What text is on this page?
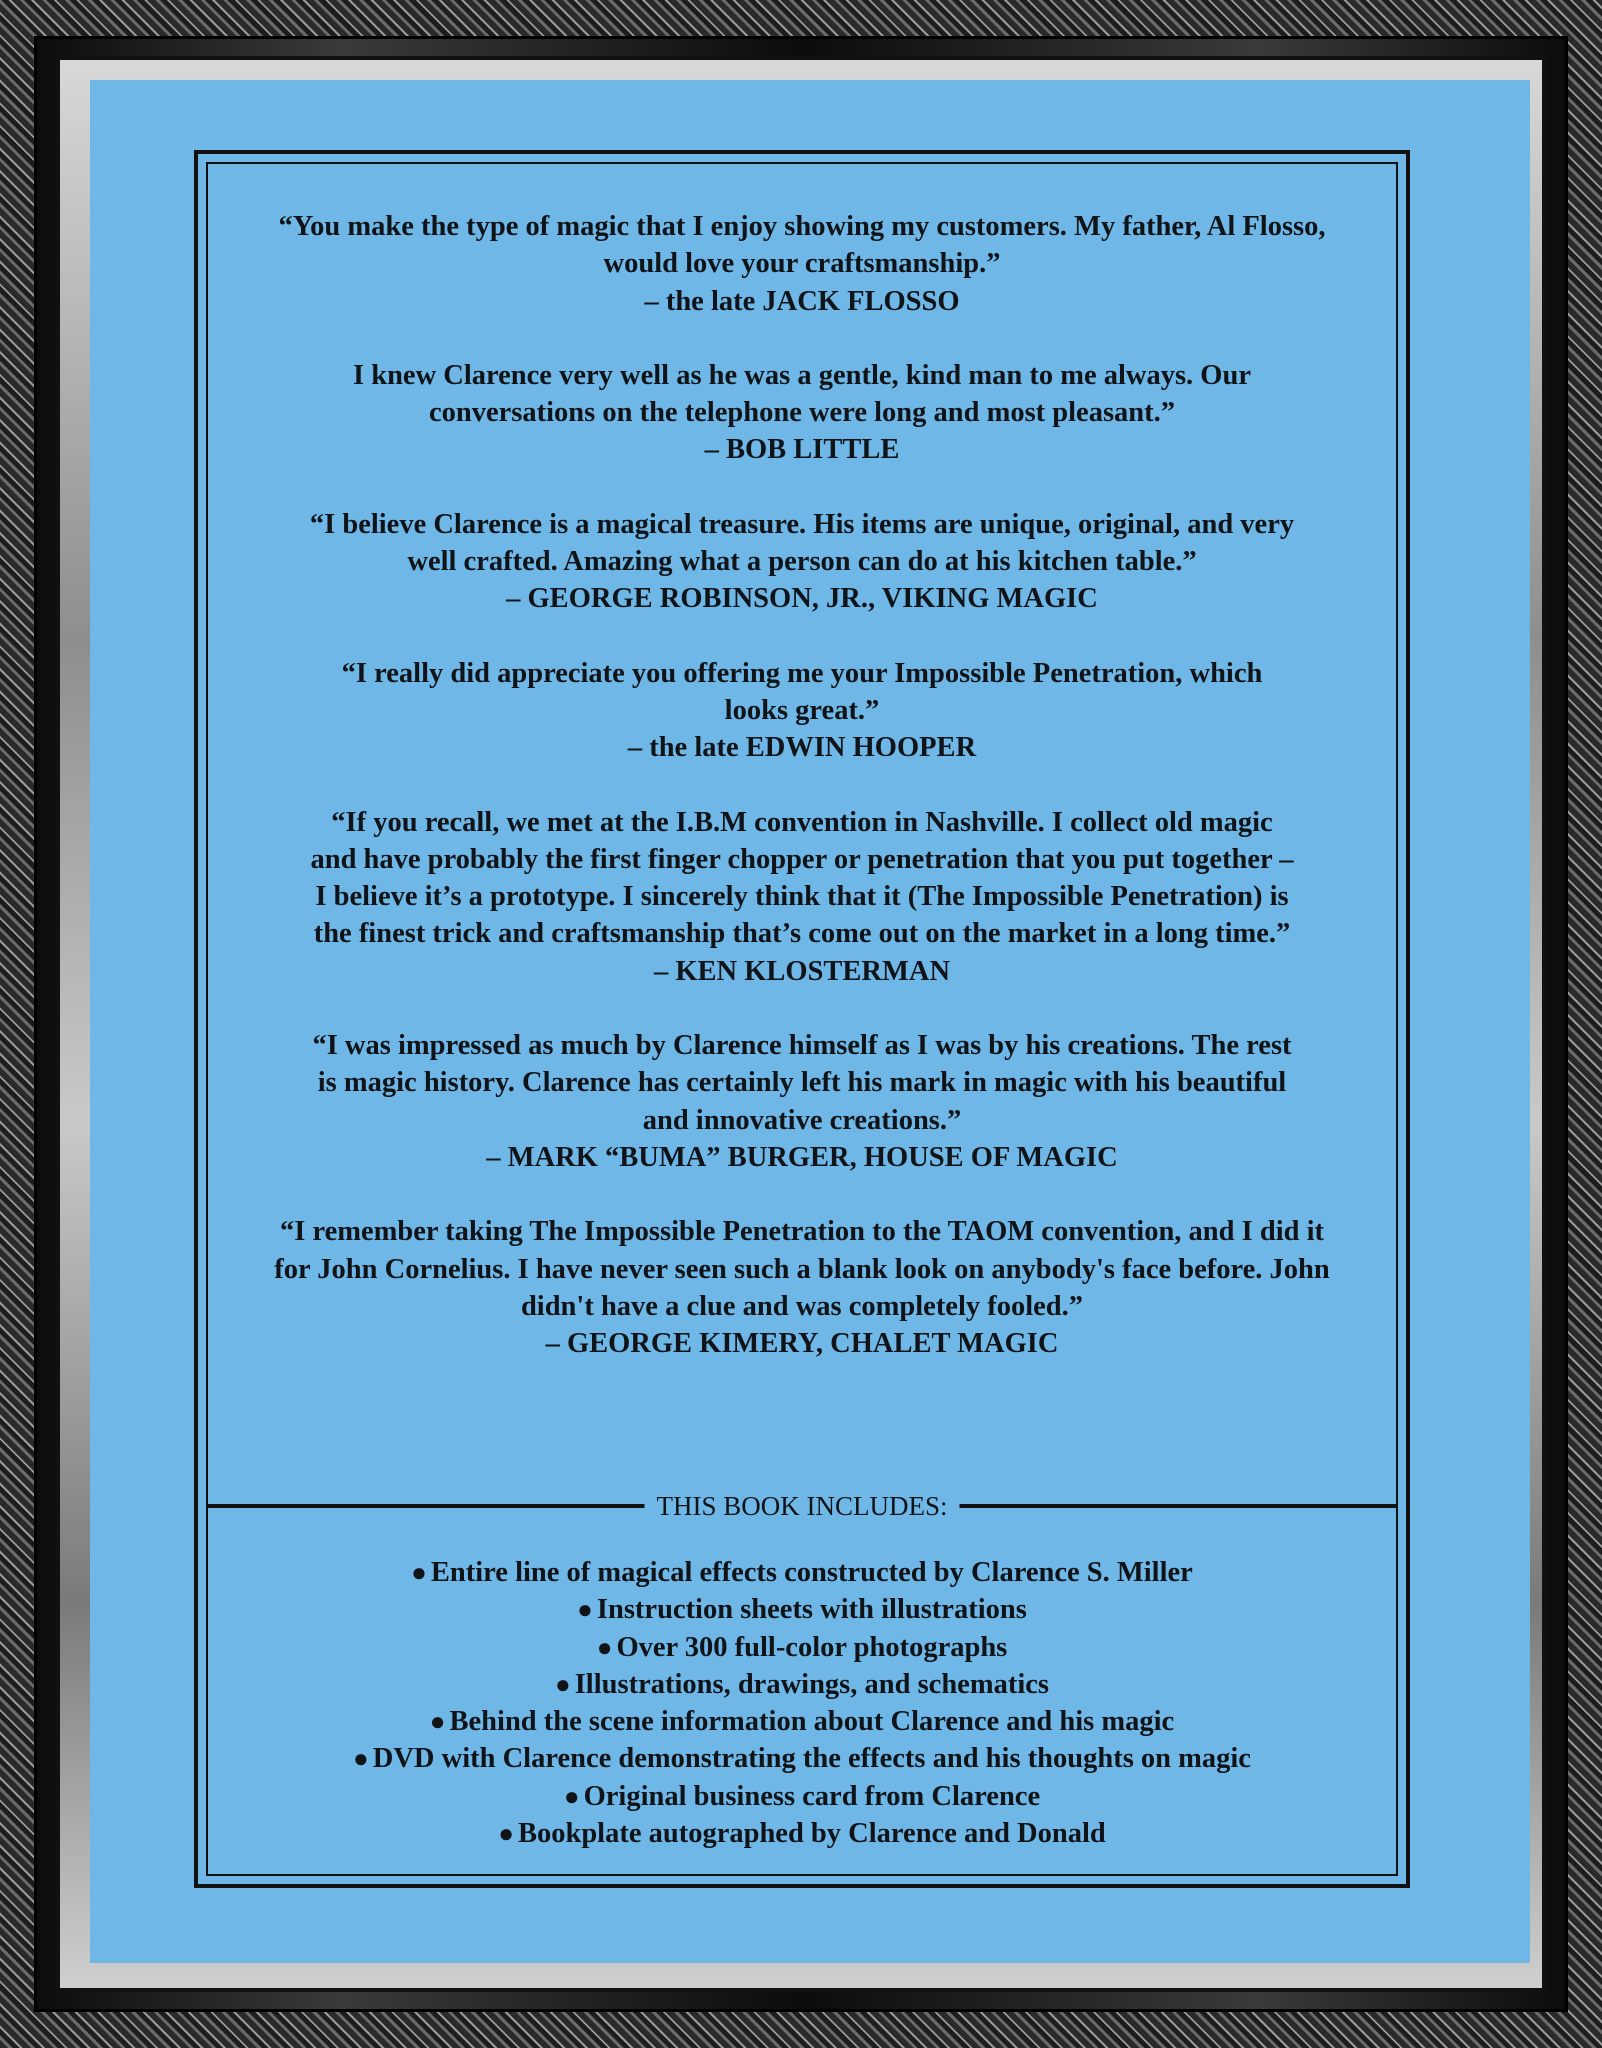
“You make the type of magic that I enjoy showing my customers. My father, Al Flosso,
would love your craftsmanship.”
– the late JACK FLOSSO
I knew Clarence very well as he was a gentle, kind man to me always. Our
conversations on the telephone were long and most pleasant.”
– BOB LITTLE
“I believe Clarence is a magical treasure. His items are unique, original, and very
well crafted. Amazing what a person can do at his kitchen table.”
– GEORGE ROBINSON, JR., VIKING MAGIC
“I really did appreciate you offering me your Impossible Penetration, which
looks great.”
– the late EDWIN HOOPER
“If you recall, we met at the I.B.M convention in Nashville. I collect old magic
and have probably the first finger chopper or penetration that you put together –
I believe it’s a prototype. I sincerely think that it (The Impossible Penetration) is
the finest trick and craftsmanship that’s come out on the market in a long time.”
– KEN KLOSTERMAN
“I was impressed as much by Clarence himself as I was by his creations. The rest
is magic history. Clarence has certainly left his mark in magic with his beautiful
and innovative creations.”
– MARK “BUMA” BURGER, HOUSE OF MAGIC
“I remember taking The Impossible Penetration to the TAOM convention, and I did it
for John Cornelius. I have never seen such a blank look on anybody's face before. John
didn't have a clue and was completely fooled.”
– GEORGE KIMERY, CHALET MAGIC
THIS BOOK INCLUDES:
● Entire line of magical effects constructed by Clarence S. Miller
● Instruction sheets with illustrations
● Over 300 full-color photographs
● Illustrations, drawings, and schematics
● Behind the scene information about Clarence and his magic
● DVD with Clarence demonstrating the effects and his thoughts on magic
● Original business card from Clarence
● Bookplate autographed by Clarence and Donald
